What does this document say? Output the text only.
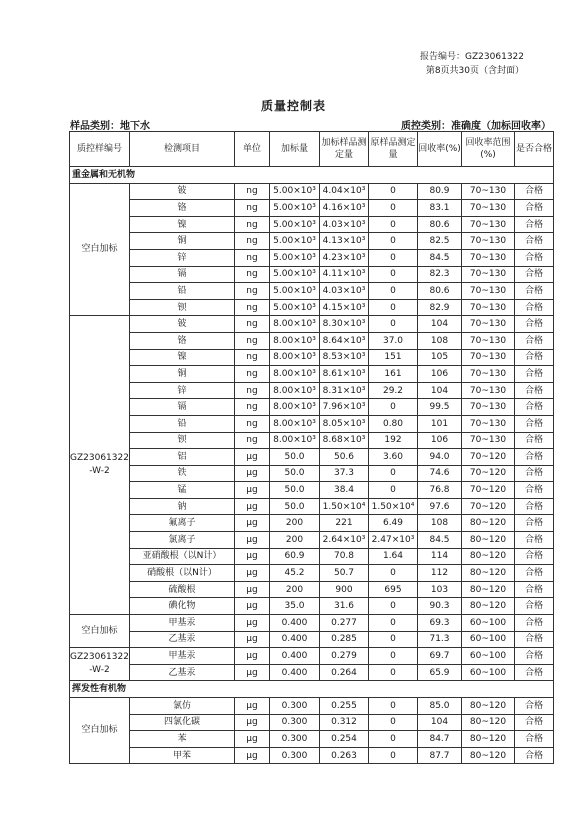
报告编号：GZ23061322
第8页共30页（含封面）
质量控制表
样品类别：地下水	质控类别：准确度（加标回收率）
质控样编号	检测项目	单位	加标量	加标样品测定量	原样品测定量	回收率(%)	回收率范围(%)	是否合格
重金属和无机物								
空白加标	铍	ng	5.00×10³	4.04×10³	0	80.9	70~130	合格
	铬	ng	5.00×10³	4.16×10³	0	83.1	70~130	合格
	镍	ng	5.00×10³	4.03×10³	0	80.6	70~130	合格
	铜	ng	5.00×10³	4.13×10³	0	82.5	70~130	合格
	锌	ng	5.00×10³	4.23×10³	0	84.5	70~130	合格
	镉	ng	5.00×10³	4.11×10³	0	82.3	70~130	合格
	铅	ng	5.00×10³	4.03×10³	0	80.6	70~130	合格
	钡	ng	5.00×10³	4.15×10³	0	82.9	70~130	合格
GZ23061322 -W-2	铍	ng	8.00×10³	8.30×10³	0	104	70~130	合格
	铬	ng	8.00×10³	8.64×10³	37.0	108	70~130	合格
	镍	ng	8.00×10³	8.53×10³	151	105	70~130	合格
	铜	ng	8.00×10³	8.61×10³	161	106	70~130	合格
	锌	ng	8.00×10³	8.31×10³	29.2	104	70~130	合格
	镉	ng	8.00×10³	7.96×10³	0	99.5	70~130	合格
	铅	ng	8.00×10³	8.05×10³	0.80	101	70~130	合格
	钡	ng	8.00×10³	8.68×10³	192	106	70~130	合格
	铝	μg	50.0	50.6	3.60	94.0	70~120	合格
	铁	μg	50.0	37.3	0	74.6	70~120	合格
	锰	μg	50.0	38.4	0	76.8	70~120	合格
	钠	μg	50.0	1.50×10⁴	1.50×10⁴	97.6	70~120	合格
	氟离子	μg	200	221	6.49	108	80~120	合格
	氯离子	μg	200	2.64×10³	2.47×10³	84.5	80~120	合格
	亚硝酸根（以N计）	μg	60.9	70.8	1.64	114	80~120	合格
	硝酸根（以N计）	μg	45.2	50.7	0	112	80~120	合格
	硫酸根	μg	200	900	695	103	80~120	合格
	碘化物	μg	35.0	31.6	0	90.3	80~120	合格
空白加标	甲基汞	μg	0.400	0.277	0	69.3	60~100	合格
	乙基汞	μg	0.400	0.285	0	71.3	60~100	合格
GZ23061322 -W-2	甲基汞	μg	0.400	0.279	0	69.7	60~100	合格
	乙基汞	μg	0.400	0.264	0	65.9	60~100	合格
挥发性有机物								
空白加标	氯仿	μg	0.300	0.255	0	85.0	80~120	合格
	四氯化碳	μg	0.300	0.312	0	104	80~120	合格
	苯	μg	0.300	0.254	0	84.7	80~120	合格
	甲苯	μg	0.300	0.263	0	87.7	80~120	合格
